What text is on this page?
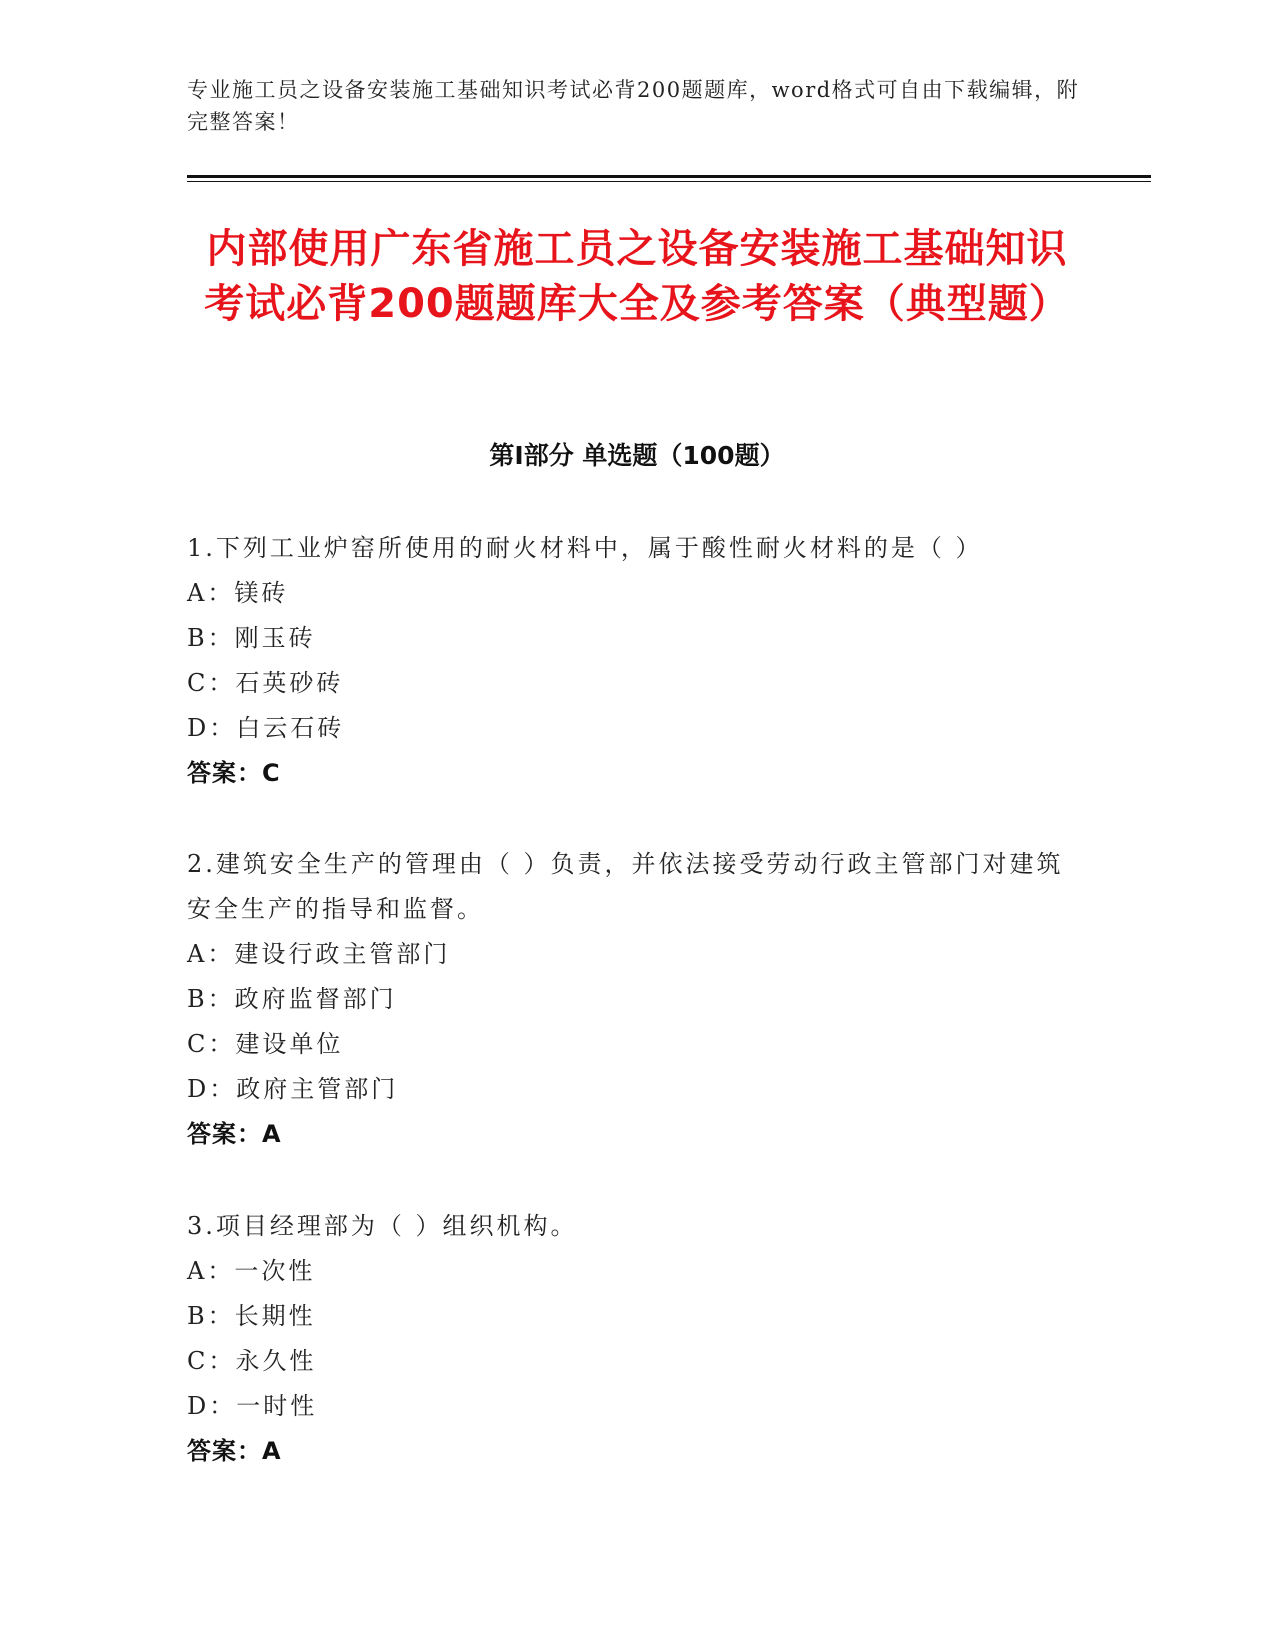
专业施工员之设备安装施工基础知识考试必背200题题库，word格式可自由下载编辑，附完整答案！
内部使用广东省施工员之设备安装施工基础知识考试必背200题题库大全及参考答案（典型题）
第I部分 单选题（100题）
1.下列工业炉窑所使用的耐火材料中，属于酸性耐火材料的是（ ）
A：镁砖
B：刚玉砖
C：石英砂砖
D：白云石砖
答案：C
2.建筑安全生产的管理由（ ）负责，并依法接受劳动行政主管部门对建筑安全生产的指导和监督。
A：建设行政主管部门
B：政府监督部门
C：建设单位
D：政府主管部门
答案：A
3.项目经理部为（ ）组织机构。
A：一次性
B：长期性
C：永久性
D：一时性
答案：A
